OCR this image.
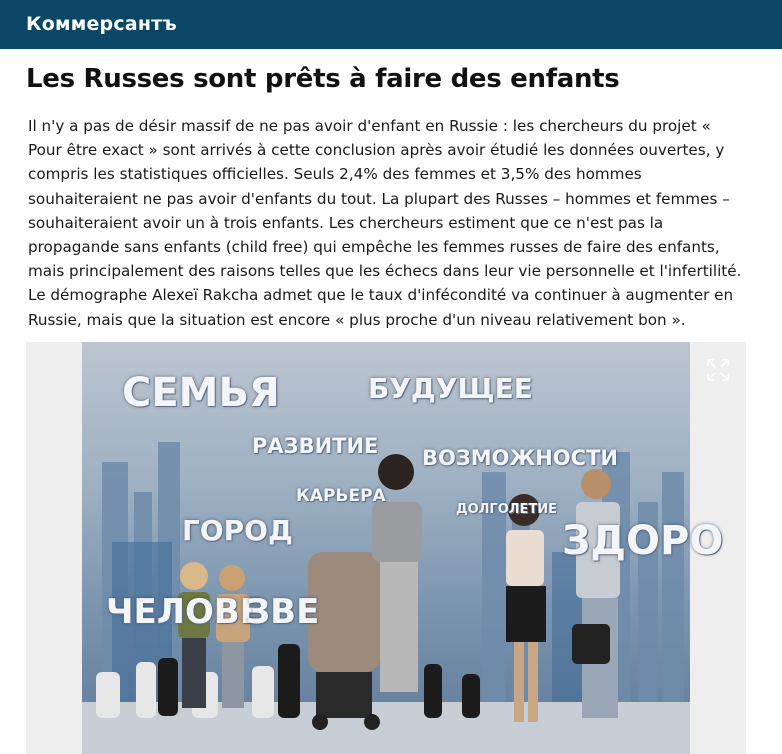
Коммерсантъ
Les Russes sont prêts à faire des enfants

Il n'y a pas de désir massif de ne pas avoir d'enfant en Russie : les chercheurs du projet « Pour être exact » sont arrivés à cette conclusion après avoir étudié les données ouvertes, y compris les statistiques officielles. Seuls 2,4% des femmes et 3,5% des hommes souhaiteraient ne pas avoir d'enfants du tout. La plupart des Russes – hommes et femmes – souhaiteraient avoir un à trois enfants. Les chercheurs estiment que ce n'est pas la propagande sans enfants (child free) qui empêche les femmes russes de faire des enfants, mais principalement des raisons telles que les échecs dans leur vie personnelle et l'infertilité. Le démographe Alexeï Rakcha admet que le taux d'infécondité va continuer à augmenter en Russie, mais que la situation est encore « plus proche d'un niveau relativement bon ».

СЕМЬЯ	БУДУЩЕЕ
РАЗВИТИЕ ВОЗМОЖНОСТИ
КАРЬЕРА
ДОЛГОЛЕТИЕ
ГОРОД	ЗДОРО
ЧЕЛОВЕ
ЗВЕ
